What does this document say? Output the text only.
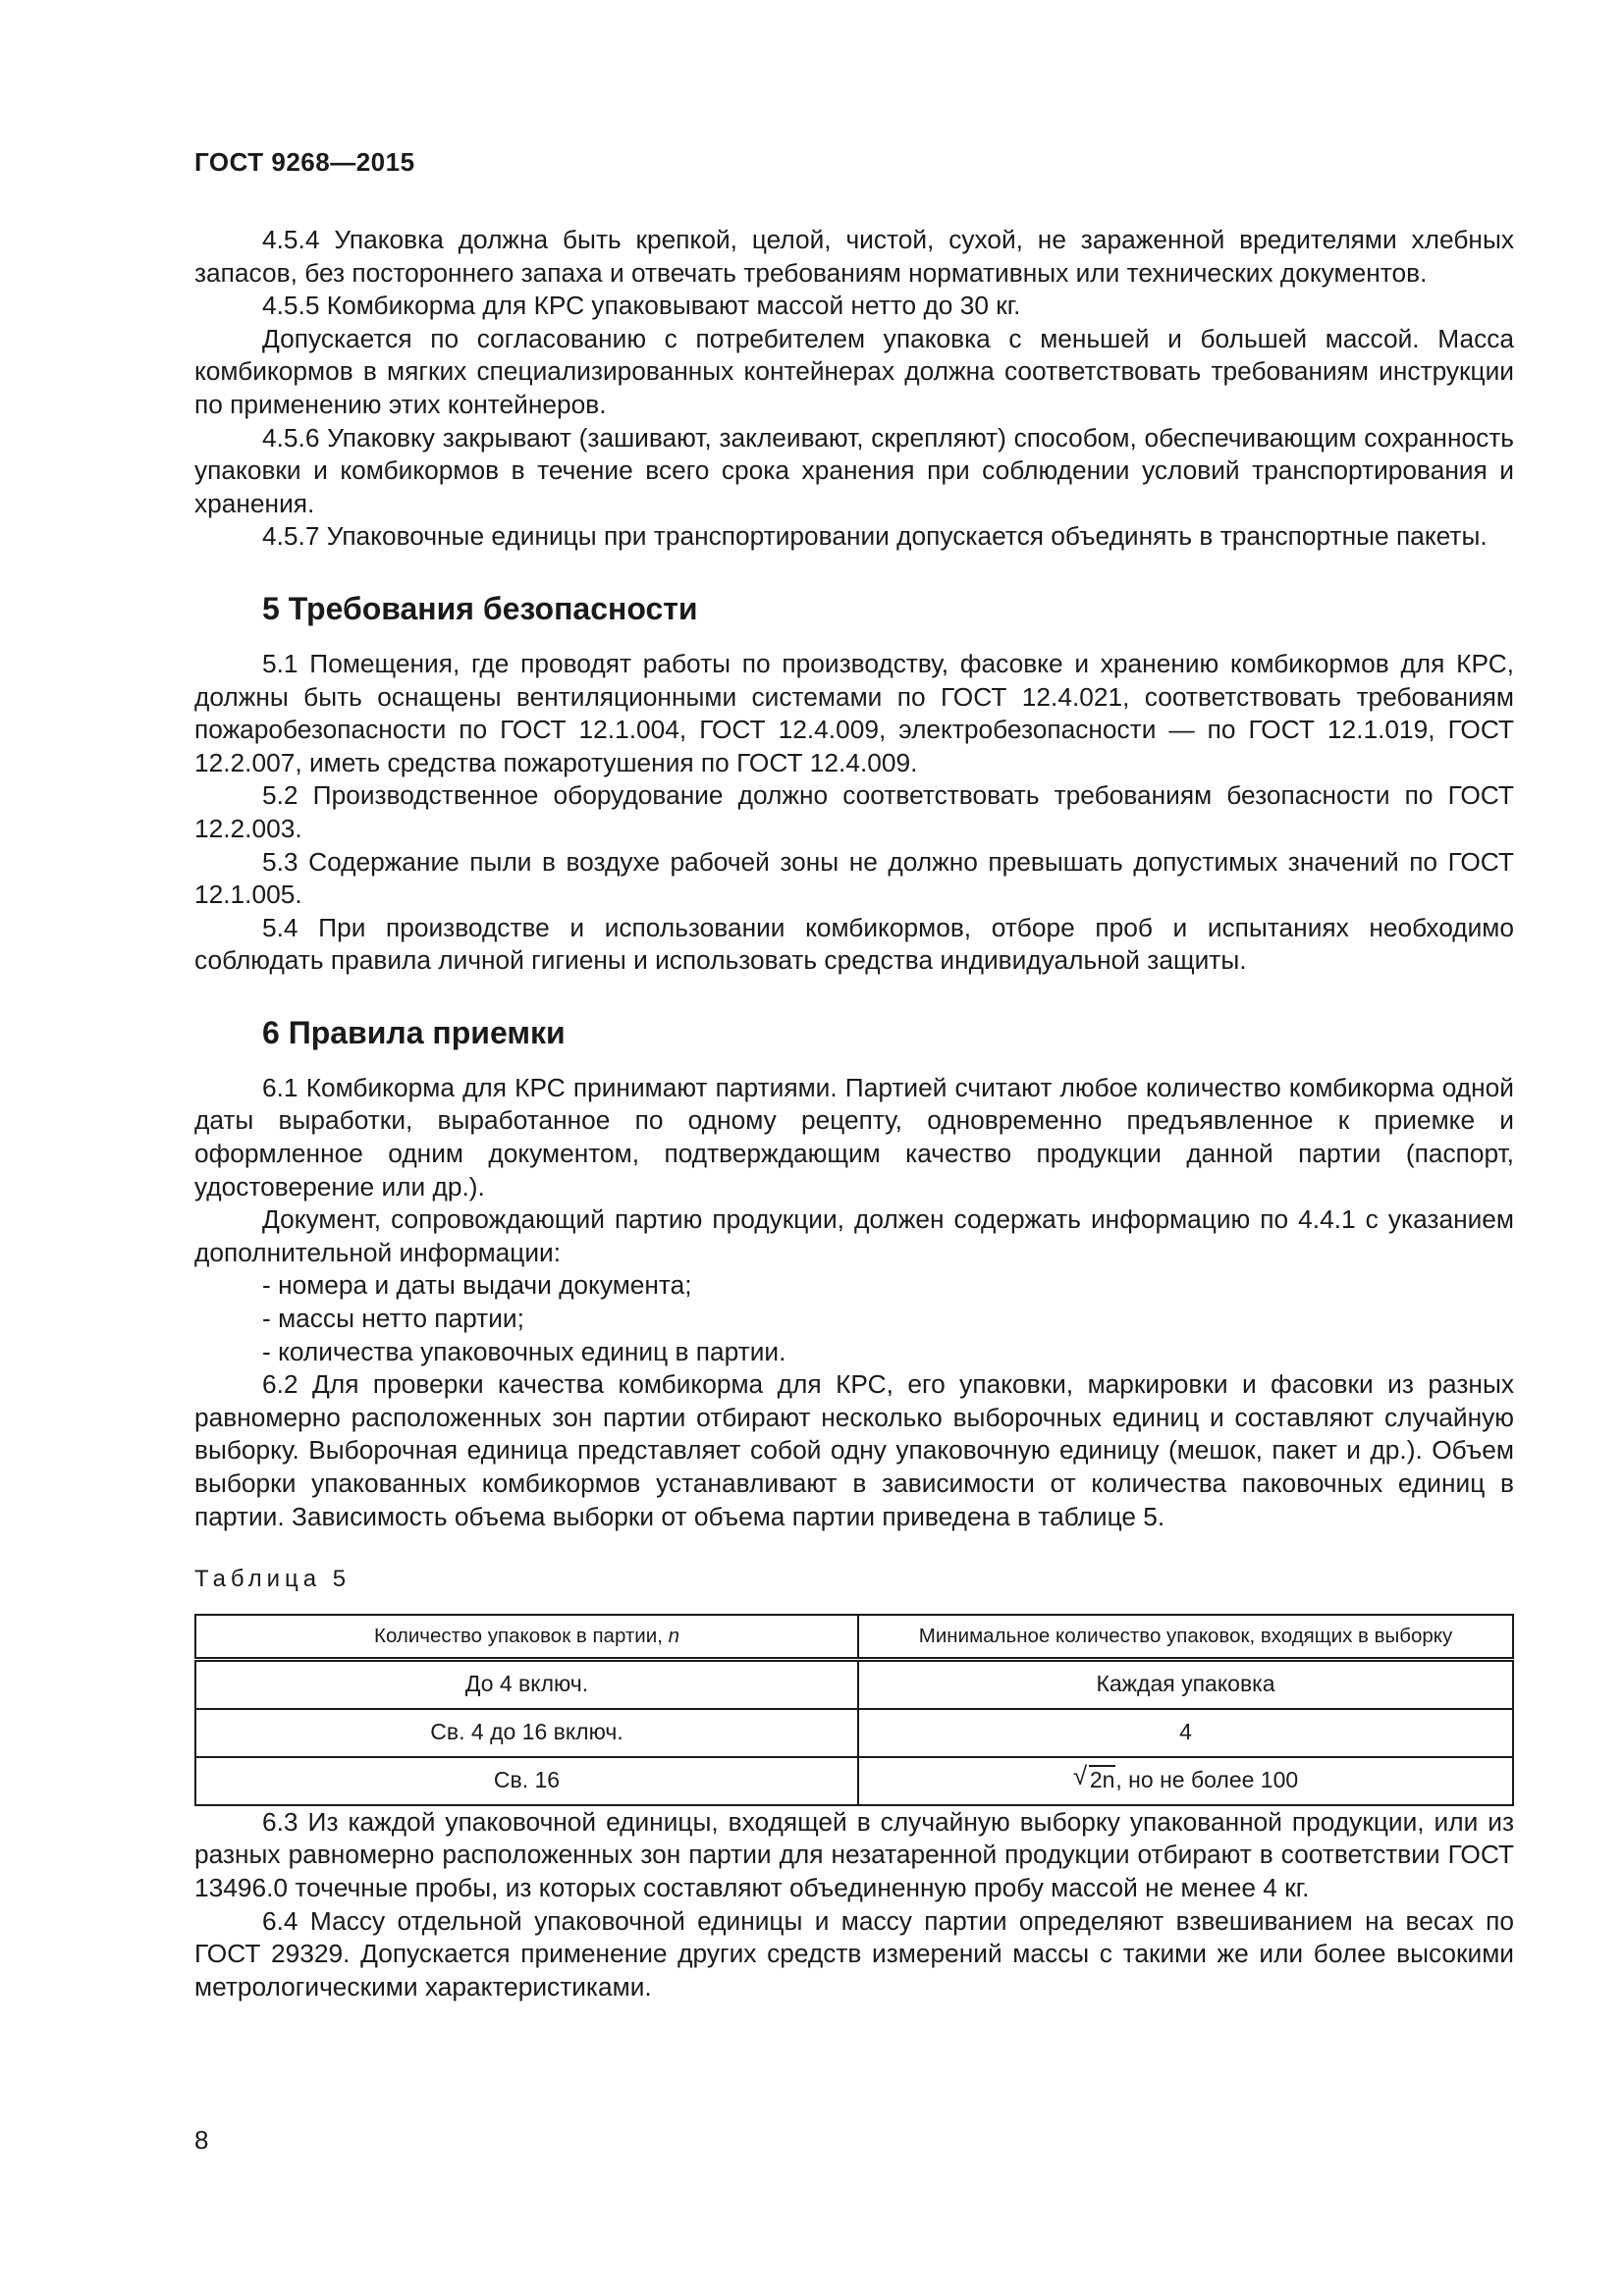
ГОСТ 9268—2015

4.5.4 Упаковка должна быть крепкой, целой, чистой, сухой, не зараженной вредителями хлебных запасов, без постороннего запаха и отвечать требованиям нормативных или технических документов.

4.5.5 Комбикорма для КРС упаковывают массой нетто до 30 кг.

Допускается по согласованию с потребителем упаковка с меньшей и большей массой. Масса комбикормов в мягких специализированных контейнерах должна соответствовать требованиям инструкции по применению этих контейнеров.

4.5.6 Упаковку закрывают (зашивают, заклеивают, скрепляют) способом, обеспечивающим сохранность упаковки и комбикормов в течение всего срока хранения при соблюдении условий транспортирования и хранения.

4.5.7 Упаковочные единицы при транспортировании допускается объединять в транспортные пакеты.

5 Требования безопасности

5.1 Помещения, где проводят работы по производству, фасовке и хранению комбикормов для КРС, должны быть оснащены вентиляционными системами по ГОСТ 12.4.021, соответствовать требованиям пожаробезопасности по ГОСТ 12.1.004, ГОСТ 12.4.009, электробезопасности — по ГОСТ 12.1.019, ГОСТ 12.2.007, иметь средства пожаротушения по ГОСТ 12.4.009.

5.2 Производственное оборудование должно соответствовать требованиям безопасности по ГОСТ 12.2.003.

5.3 Содержание пыли в воздухе рабочей зоны не должно превышать допустимых значений по ГОСТ 12.1.005.

5.4 При производстве и использовании комбикормов, отборе проб и испытаниях необходимо соблюдать правила личной гигиены и использовать средства индивидуальной защиты.

6 Правила приемки

6.1 Комбикорма для КРС принимают партиями. Партией считают любое количество комбикорма одной даты выработки, выработанное по одному рецепту, одновременно предъявленное к приемке и оформленное одним документом, подтверждающим качество продукции данной партии (паспорт, удостоверение или др.).

Документ, сопровождающий партию продукции, должен содержать информацию по 4.4.1 с указанием дополнительной информации:

- номера и даты выдачи документа;

- массы нетто партии;

- количества упаковочных единиц в партии.

6.2 Для проверки качества комбикорма для КРС, его упаковки, маркировки и фасовки из разных равномерно расположенных зон партии отбирают несколько выборочных единиц и составляют случайную выборку. Выборочная единица представляет собой одну упаковочную единицу (мешок, пакет и др.). Объем выборки упакованных комбикормов устанавливают в зависимости от количества паковочных единиц в партии. Зависимость объема выборки от объема партии приведена в таблице 5.

Таблица 5
Количество упаковок в партии, n	Минимальное количество упаковок, входящих в выборку
До 4 включ.	Каждая упаковка
Св. 4 до 16 включ.	4
Св. 16	√ 2n, но не более 100

6.3 Из каждой упаковочной единицы, входящей в случайную выборку упакованной продукции, или из разных равномерно расположенных зон партии для незатаренной продукции отбирают в соответствии ГОСТ 13496.0 точечные пробы, из которых составляют объединенную пробу массой не менее 4 кг.

6.4 Массу отдельной упаковочной единицы и массу партии определяют взвешиванием на весах по ГОСТ 29329. Допускается применение других средств измерений массы с такими же или более высокими метрологическими характеристиками.

8
